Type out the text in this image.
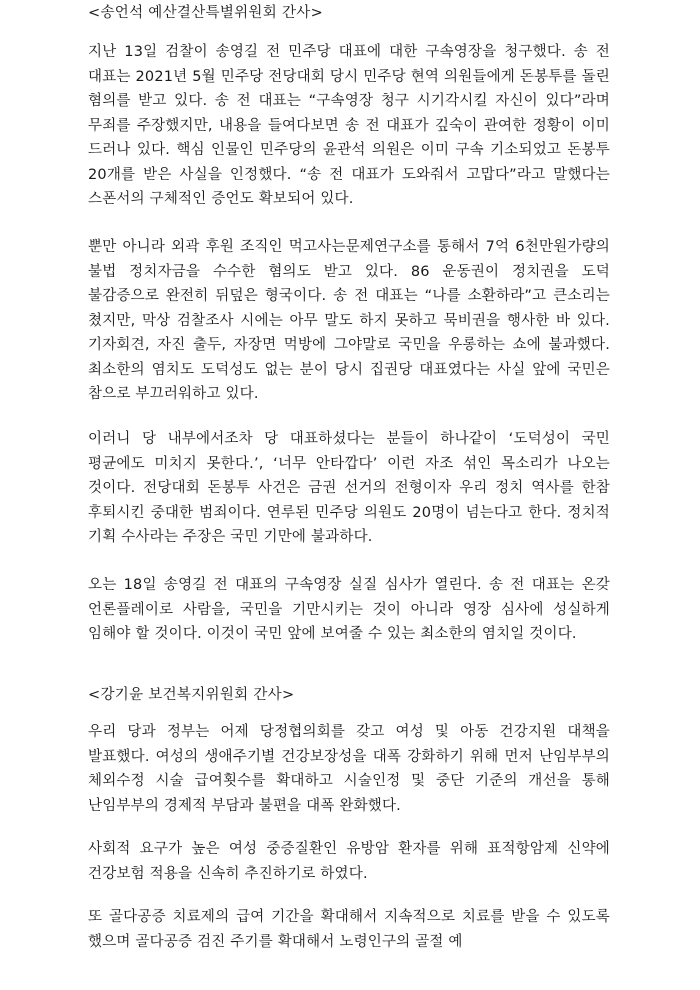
<송언석 예산결산특별위원회 간사>

지난 13일 검찰이 송영길 전 민주당 대표에 대한 구속영장을 청구했다. 송 전 대표는 2021년 5월 민주당 전당대회 당시 민주당 현역 의원들에게 돈봉투를 돌린 혐의를 받고 있다. 송 전 대표는 “구속영장 청구 시기각시킬 자신이 있다”라며 무죄를 주장했지만, 내용을 들여다보면 송 전 대표가 깊숙이 관여한 정황이 이미 드러나 있다. 핵심 인물인 민주당의 윤관석 의원은 이미 구속 기소되었고 돈봉투 20개를 받은 사실을 인정했다. “송 전 대표가 도와줘서 고맙다”라고 말했다는 스폰서의 구체적인 증언도 확보되어 있다.

뿐만 아니라 외곽 후원 조직인 먹고사는문제연구소를 통해서 7억 6천만원가량의 불법 정치자금을 수수한 혐의도 받고 있다. 86 운동권이 정치권을 도덕 불감증으로 완전히 뒤덮은 형국이다. 송 전 대표는 “나를 소환하라”고 큰소리는 쳤지만, 막상 검찰조사 시에는 아무 말도 하지 못하고 묵비권을 행사한 바 있다. 기자회견, 자진 출두, 자장면 먹방에 그야말로 국민을 우롱하는 쇼에 불과했다. 최소한의 염치도 도덕성도 없는 분이 당시 집권당 대표였다는 사실 앞에 국민은 참으로 부끄러워하고 있다.

이러니 당 내부에서조차 당 대표하셨다는 분들이 하나같이 ‘도덕성이 국민 평균에도 미치지 못한다.’, ‘너무 안타깝다’ 이런 자조 섞인 목소리가 나오는 것이다. 전당대회 돈봉투 사건은 금권 선거의 전형이자 우리 정치 역사를 한참 후퇴시킨 중대한 범죄이다. 연루된 민주당 의원도 20명이 넘는다고 한다. 정치적 기획 수사라는 주장은 국민 기만에 불과하다.

오는 18일 송영길 전 대표의 구속영장 실질 심사가 열린다. 송 전 대표는 온갖 언론플레이로 사람을, 국민을 기만시키는 것이 아니라 영장 심사에 성실하게 임해야 할 것이다. 이것이 국민 앞에 보여줄 수 있는 최소한의 염치일 것이다.

<강기윤 보건복지위원회 간사>

우리 당과 정부는 어제 당정협의회를 갖고 여성 및 아동 건강지원 대책을 발표했다. 여성의 생애주기별 건강보장성을 대폭 강화하기 위해 먼저 난임부부의 체외수정 시술 급여횟수를 확대하고 시술인정 및 중단 기준의 개선을 통해 난임부부의 경제적 부담과 불편을 대폭 완화했다.

사회적 요구가 높은 여성 중증질환인 유방암 환자를 위해 표적항암제 신약에 건강보험 적용을 신속히 추진하기로 하였다.

또 골다공증 치료제의 급여 기간을 확대해서 지속적으로 치료를 받을 수 있도록 했으며 골다공증 검진 주기를 확대해서 노령인구의 골절 예
